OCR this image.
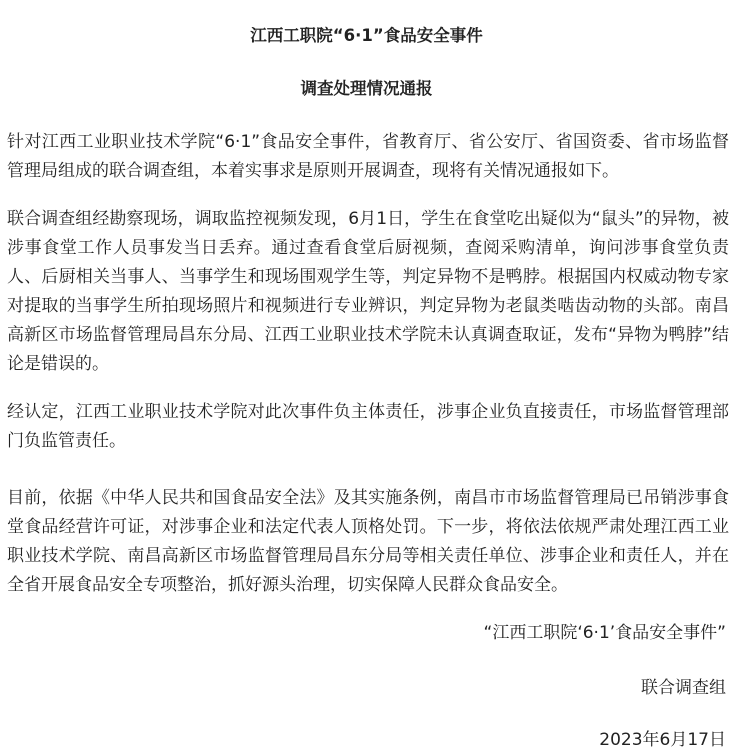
江西工职院“6·1”食品安全事件
调查处理情况通报

针对江西工业职业技术学院“6·1”食品安全事件，省教育厅、省公安厅、省国资委、省市场监督管理局组成的联合调查组，本着实事求是原则开展调查，现将有关情况通报如下。

联合调查组经勘察现场，调取监控视频发现，6月1日，学生在食堂吃出疑似为“鼠头”的异物，被涉事食堂工作人员事发当日丢弃。通过查看食堂后厨视频，查阅采购清单，询问涉事食堂负责人、后厨相关当事人、当事学生和现场围观学生等，判定异物不是鸭脖。根据国内权威动物专家对提取的当事学生所拍现场照片和视频进行专业辨识，判定异物为老鼠类啮齿动物的头部。南昌高新区市场监督管理局昌东分局、江西工业职业技术学院未认真调查取证，发布“异物为鸭脖”结论是错误的。

经认定，江西工业职业技术学院对此次事件负主体责任，涉事企业负直接责任，市场监督管理部门负监管责任。

目前，依据《中华人民共和国食品安全法》及其实施条例，南昌市市场监督管理局已吊销涉事食堂食品经营许可证，对涉事企业和法定代表人顶格处罚。下一步，将依法依规严肃处理江西工业职业技术学院、南昌高新区市场监督管理局昌东分局等相关责任单位、涉事企业和责任人，并在全省开展食品安全专项整治，抓好源头治理，切实保障人民群众食品安全。

“江西工职院‘6·1’食品安全事件”

联合调查组

2023年6月17日
